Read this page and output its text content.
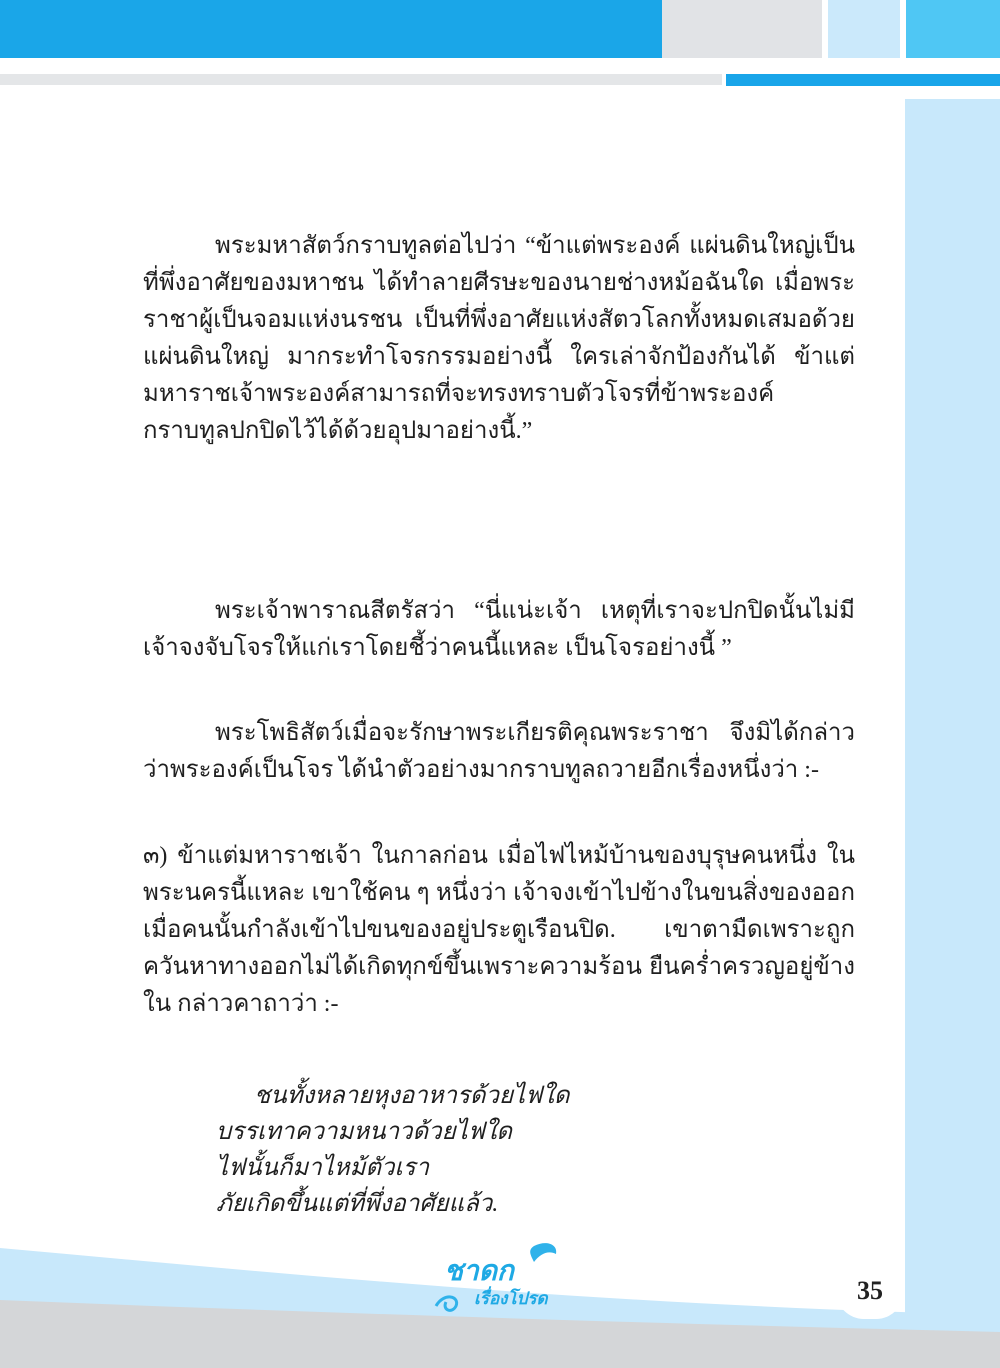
พระมหาสัตว์กราบทูลต่อไปว่า “ข้าแต่พระองค์ แผ่นดินใหญ่เป็นที่พึ่งอาศัยของมหาชน ได้ทำลายศีรษะของนายช่างหม้อฉันใด เมื่อพระราชาผู้เป็นจอมแห่งนรชน เป็นที่พึ่งอาศัยแห่งสัตวโลกทั้งหมดเสมอด้วยแผ่นดินใหญ่ มากระทำโจรกรรมอย่างนี้ ใครเล่าจักป้องกันได้ ข้าแต่มหาราชเจ้าพระองค์สามารถที่จะทรงทราบตัวโจรที่ข้าพระองค์กราบทูลปกปิดไว้ได้ด้วยอุปมาอย่างนี้.”

พระเจ้าพาราณสีตรัสว่า “นี่แน่ะเจ้า เหตุที่เราจะปกปิดนั้นไม่มี เจ้าจงจับโจรให้แก่เราโดยชี้ว่าคนนี้แหละ เป็นโจรอย่างนี้ ”

พระโพธิสัตว์เมื่อจะรักษาพระเกียรติคุณพระราชา จึงมิได้กล่าวว่าพระองค์เป็นโจร ได้นำตัวอย่างมากราบทูลถวายอีกเรื่องหนึ่งว่า :-

๓) ข้าแต่มหาราชเจ้า ในกาลก่อน เมื่อไฟไหม้บ้านของบุรุษคนหนึ่ง ในพระนครนี้แหละ เขาใช้คน ๆ หนึ่งว่า เจ้าจงเข้าไปข้างในขนสิ่งของออก เมื่อคนนั้นกำลังเข้าไปขนของอยู่ประตูเรือนปิด. เขาตามืดเพราะถูกควันหาทางออกไม่ได้เกิดทุกข์ขึ้นเพราะความร้อน ยืนคร่ำครวญอยู่ข้างใน กล่าวคาถาว่า :-

ชนทั้งหลายหุงอาหารด้วยไฟใด
บรรเทาความหนาวด้วยไฟใด
ไฟนั้นก็มาไหม้ตัวเรา
ภัยเกิดขึ้นแต่ที่พึ่งอาศัยแล้ว.
ชาดก
เรื่องโปรด	35
